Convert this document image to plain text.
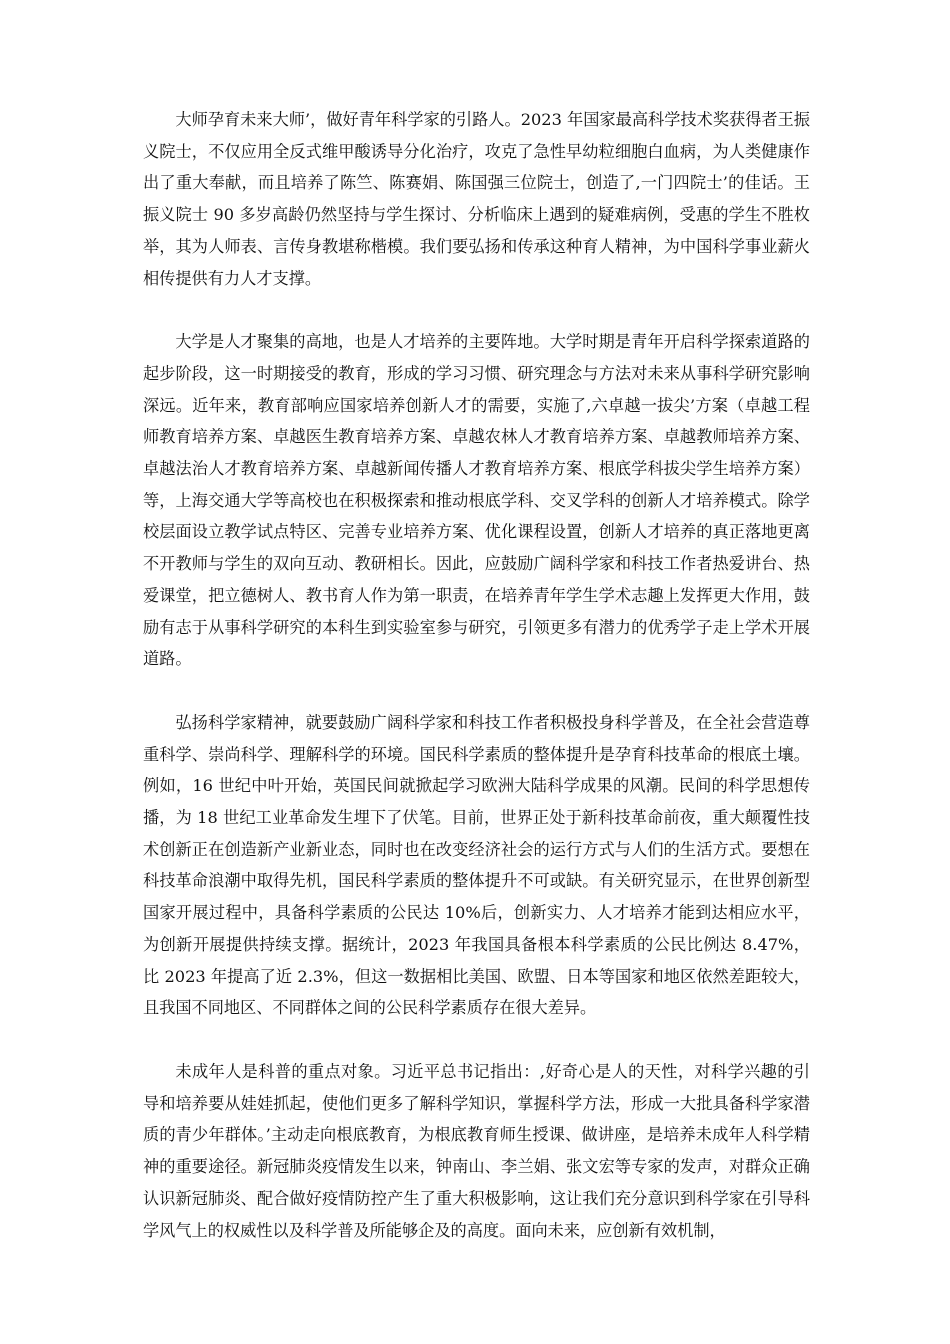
大师孕育未来大师’，做好青年科学家的引路人。2023 年国家最高科学技术奖获得者王振义院士，不仅应用全反式维甲酸诱导分化治疗，攻克了急性早幼粒细胞白血病，为人类健康作出了重大奉献，而且培养了陈竺、陈赛娟、陈国强三位院士，创造了‚一门四院士’的佳话。王振义院士 90 多岁高龄仍然坚持与学生探讨、分析临床上遇到的疑难病例，受惠的学生不胜枚举，其为人师表、言传身教堪称楷模。我们要弘扬和传承这种育人精神，为中国科学事业薪火相传提供有力人才支撑。

大学是人才聚集的高地，也是人才培养的主要阵地。大学时期是青年开启科学探索道路的起步阶段，这一时期接受的教育，形成的学习习惯、研究理念与方法对未来从事科学研究影响深远。近年来，教育部响应国家培养创新人才的需要，实施了‚六卓越一拔尖’方案（卓越工程师教育培养方案、卓越医生教育培养方案、卓越农林人才教育培养方案、卓越教师培养方案、卓越法治人才教育培养方案、卓越新闻传播人才教育培养方案、根底学科拔尖学生培养方案）等，上海交通大学等高校也在积极探索和推动根底学科、交叉学科的创新人才培养模式。除学校层面设立教学试点特区、完善专业培养方案、优化课程设置，创新人才培养的真正落地更离不开教师与学生的双向互动、教研相长。因此，应鼓励广阔科学家和科技工作者热爱讲台、热爱课堂，把立德树人、教书育人作为第一职责，在培养青年学生学术志趣上发挥更大作用，鼓励有志于从事科学研究的本科生到实验室参与研究，引领更多有潜力的优秀学子走上学术开展道路。

弘扬科学家精神，就要鼓励广阔科学家和科技工作者积极投身科学普及，在全社会营造尊重科学、崇尚科学、理解科学的环境。国民科学素质的整体提升是孕育科技革命的根底土壤。例如，16 世纪中叶开始，英国民间就掀起学习欧洲大陆科学成果的风潮。民间的科学思想传播，为 18 世纪工业革命发生埋下了伏笔。目前，世界正处于新科技革命前夜，重大颠覆性技术创新正在创造新产业新业态，同时也在改变经济社会的运行方式与人们的生活方式。要想在科技革命浪潮中取得先机，国民科学素质的整体提升不可或缺。有关研究显示，在世界创新型国家开展过程中，具备科学素质的公民达 10%后，创新实力、人才培养才能到达相应水平，为创新开展提供持续支撑。据统计，2023 年我国具备根本科学素质的公民比例达 8.47%，比 2023 年提高了近 2.3%，但这一数据相比美国、欧盟、日本等国家和地区依然差距较大，且我国不同地区、不同群体之间的公民科学素质存在很大差异。

未成年人是科普的重点对象。习近平总书记指出：‚好奇心是人的天性，对科学兴趣的引导和培养要从娃娃抓起，使他们更多了解科学知识，掌握科学方法，形成一大批具备科学家潜质的青少年群体。’主动走向根底教育，为根底教育师生授课、做讲座，是培养未成年人科学精神的重要途径。新冠肺炎疫情发生以来，钟南山、李兰娟、张文宏等专家的发声，对群众正确认识新冠肺炎、配合做好疫情防控产生了重大积极影响，这让我们充分意识到科学家在引导科学风气上的权威性以及科学普及所能够企及的高度。面向未来，应创新有效机制，
